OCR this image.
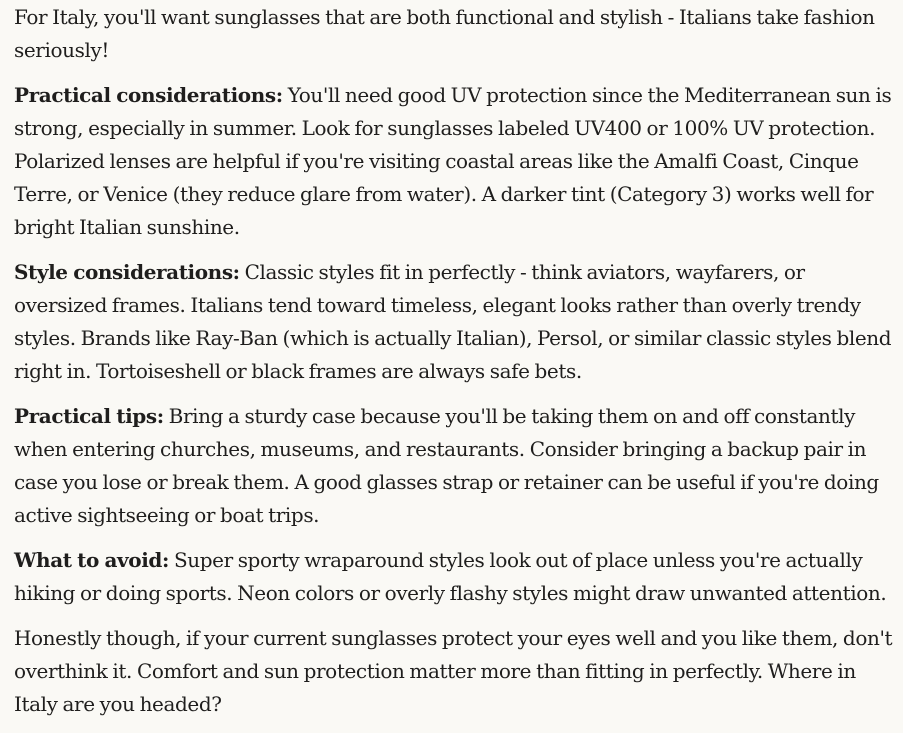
For Italy, you'll want sunglasses that are both functional and stylish - Italians take fashion seriously!

Practical considerations: You'll need good UV protection since the Mediterranean sun is strong, especially in summer. Look for sunglasses labeled UV400 or 100% UV protection. Polarized lenses are helpful if you're visiting coastal areas like the Amalfi Coast, Cinque Terre, or Venice (they reduce glare from water). A darker tint (Category 3) works well for bright Italian sunshine.

Style considerations: Classic styles fit in perfectly - think aviators, wayfarers, or oversized frames. Italians tend toward timeless, elegant looks rather than overly trendy styles. Brands like Ray-Ban (which is actually Italian), Persol, or similar classic styles blend right in. Tortoiseshell or black frames are always safe bets.

Practical tips: Bring a sturdy case because you'll be taking them on and off constantly when entering churches, museums, and restaurants. Consider bringing a backup pair in case you lose or break them. A good glasses strap or retainer can be useful if you're doing active sightseeing or boat trips.

What to avoid: Super sporty wraparound styles look out of place unless you're actually hiking or doing sports. Neon colors or overly flashy styles might draw unwanted attention.

Honestly though, if your current sunglasses protect your eyes well and you like them, don't overthink it. Comfort and sun protection matter more than fitting in perfectly. Where in Italy are you headed?
